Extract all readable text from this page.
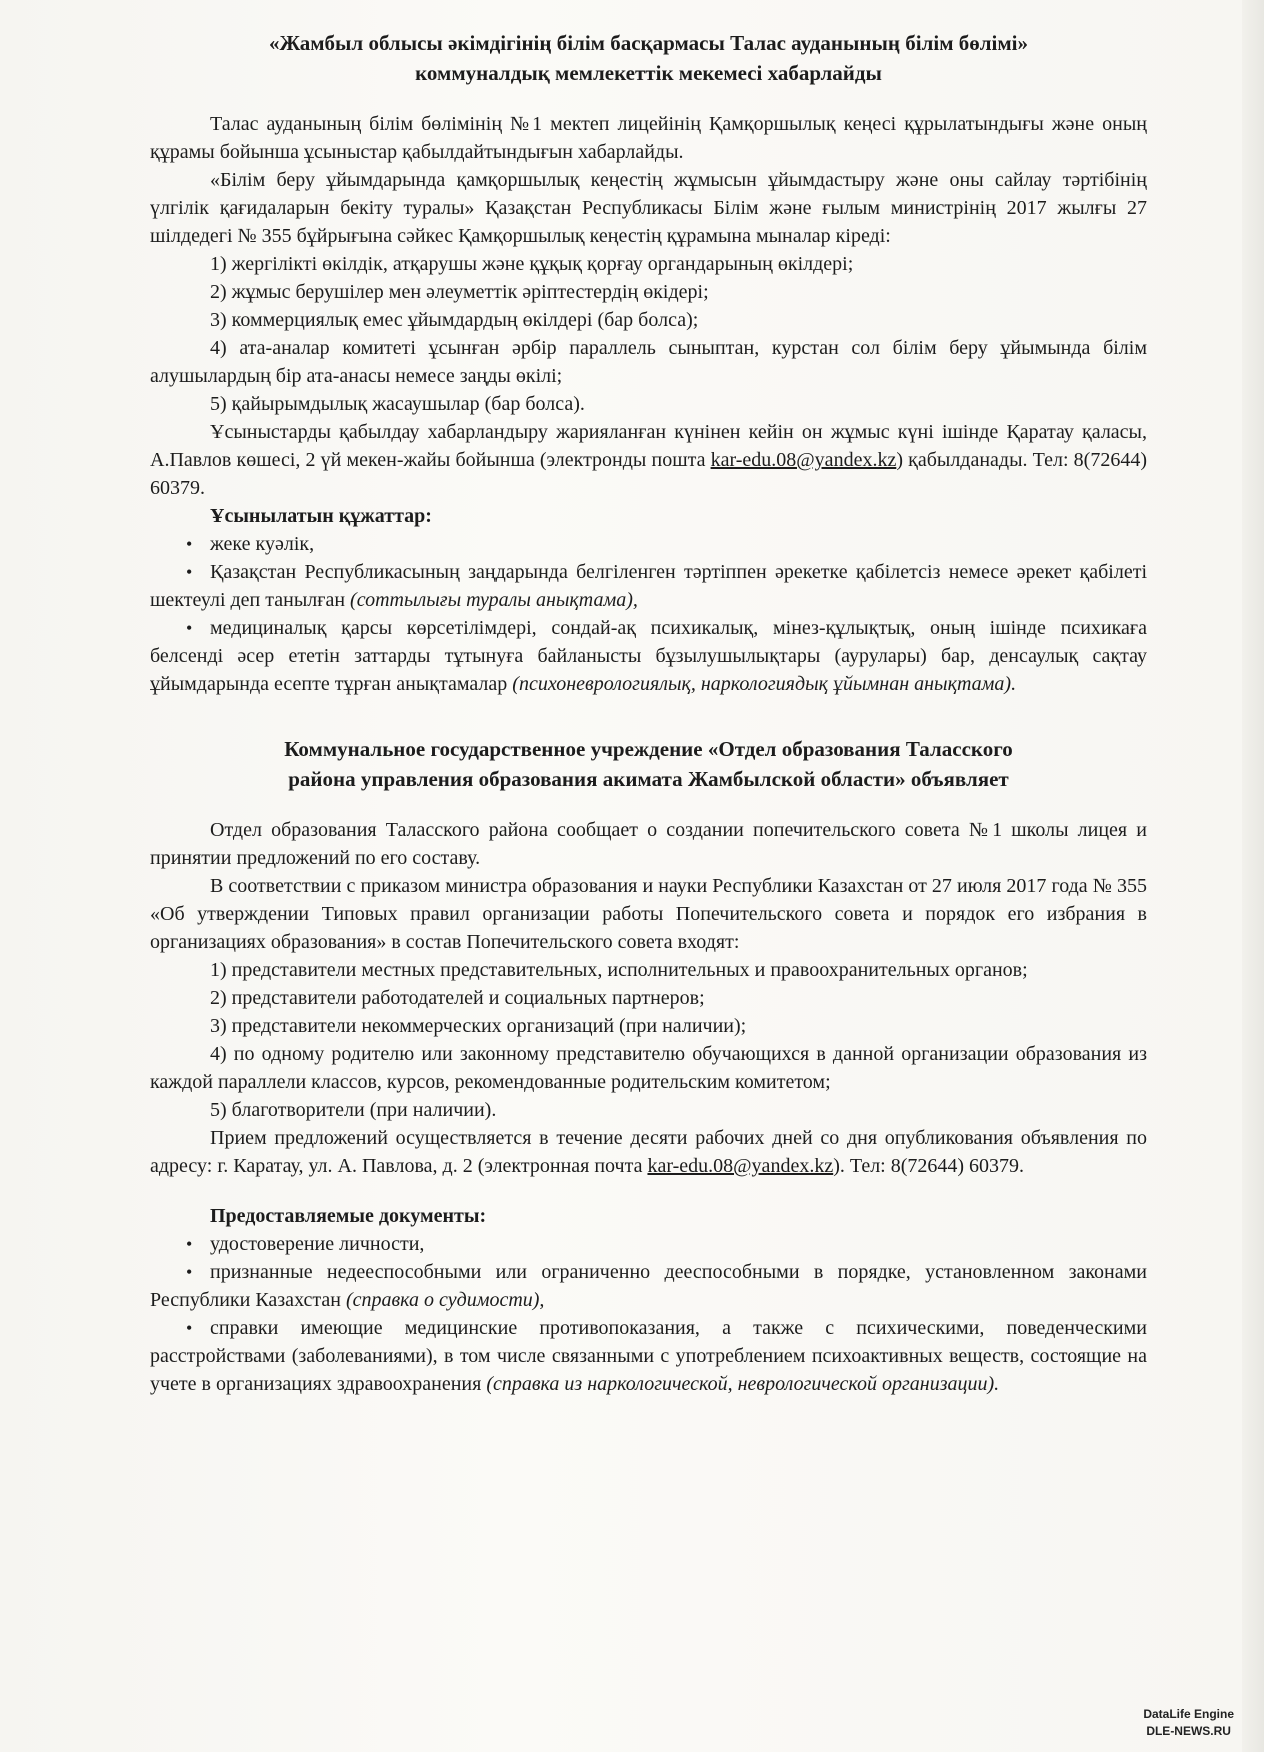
«Жамбыл облысы әкімдігінің білім басқармасы Талас ауданының білім бөлімі»
коммуналдық мемлекеттік мекемесі хабарлайды

Талас ауданының білім бөлімінің №1 мектеп лицейінің Қамқоршылық кеңесі құрылатындығы және оның құрамы бойынша ұсыныстар қабылдайтындығын хабарлайды.

«Білім беру ұйымдарында қамқоршылық кеңестің жұмысын ұйымдастыру және оны сайлау тәртібінің үлгілік қағидаларын бекіту туралы» Қазақстан Республикасы Білім және ғылым министрінің 2017 жылғы 27 шілдедегі № 355 бұйрығына сәйкес Қамқоршылық кеңестің құрамына мыналар кіреді:

1) жергілікті өкілдік, атқарушы және құқық қорғау органдарының өкілдері;

2) жұмыс берушілер мен әлеуметтік әріптестердің өкідері;

3) коммерциялық емес ұйымдардың өкілдері (бар болса);

4) ата-аналар комитеті ұсынған әрбір параллель сыныптан, курстан сол білім беру ұйымында білім алушылардың бір ата-анасы немесе заңды өкілі;

5) қайырымдылық жасаушылар (бар болса).

Ұсыныстарды қабылдау хабарландыру жарияланған күнінен кейін он жұмыс күні ішінде Қаратау қаласы, А.Павлов көшесі, 2 үй мекен-жайы бойынша (электронды пошта kar-edu.08@yandex.kz) қабылданады. Тел: 8(72644) 60379.

Ұсынылатын құжаттар:

• жеке куәлік,
• Қазақстан Республикасының заңдарында белгіленген тәртіппен әрекетке қабілетсіз немесе әрекет қабілеті шектеулі деп танылған (соттылығы туралы анықтама),
• медициналық қарсы көрсетілімдері, сондай-ақ психикалық, мінез-құлықтық, оның ішінде психикаға белсенді әсер ететін заттарды тұтынуға байланысты бұзылушылықтары (аурулары) бар, денсаулық сақтау ұйымдарында есепте тұрған анықтамалар (психоневрологиялық, наркологиядық ұйымнан анықтама).
Коммунальное государственное учреждение «Отдел образования Таласского
района управления образования акимата Жамбылской области» объявляет

Отдел образования Таласского района сообщает о создании попечительского совета №1 школы лицея и принятии предложений по его составу.

В соответствии с приказом министра образования и науки Республики Казахстан от 27 июля 2017 года № 355 «Об утверждении Типовых правил организации работы Попечительского совета и порядок его избрания в организациях образования» в состав Попечительского совета входят:

1) представители местных представительных, исполнительных и правоохранительных органов;

2) представители работодателей и социальных партнеров;

3) представители некоммерческих организаций (при наличии);

4) по одному родителю или законному представителю обучающихся в данной организации образования из каждой параллели классов, курсов, рекомендованные родительским комитетом;

5) благотворители (при наличии).

Прием предложений осуществляется в течение десяти рабочих дней со дня опубликования объявления по адресу: г. Каратау, ул. А. Павлова, д. 2 (электронная почта kar-edu.08@yandex.kz). Тел: 8(72644) 60379.

Предоставляемые документы:

• удостоверение личности,
• признанные недееспособными или ограниченно дееспособными в порядке, установленном законами Республики Казахстан (справка о судимости),
• справки имеющие медицинские противопоказания, а также с психическими, поведенческими расстройствами (заболеваниями), в том числе связанными с употреблением психоактивных веществ, состоящие на учете в организациях здравоохранения (справка из наркологической, неврологической организации).
DataLife Engine
DLE-NEWS.RU
